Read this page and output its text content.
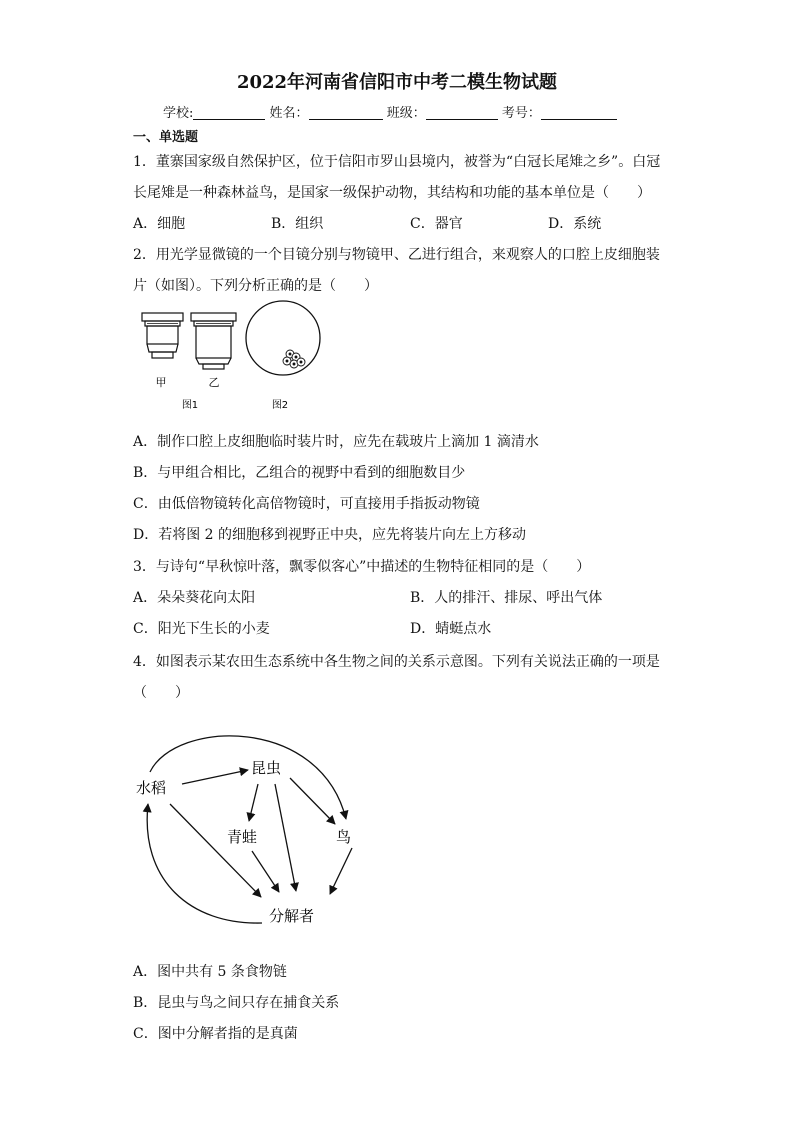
2022年河南省信阳市中考二模生物试题
学校:	姓名：	班级：	考号：
一、单选题
1．董寨国家级自然保护区，位于信阳市罗山县境内，被誉为“白冠长尾雉之乡”。白冠
长尾雉是一种森林益鸟，是国家一级保护动物，其结构和功能的基本单位是（　　）
A．细胞	B．组织	C．器官	D．系统
2．用光学显微镜的一个目镜分别与物镜甲、乙进行组合，来观察人的口腔上皮细胞装
片（如图）。下列分析正确的是（　　）
甲	乙
图1	图2
A．制作口腔上皮细胞临时装片时，应先在载玻片上滴加 1 滴清水
B．与甲组合相比，乙组合的视野中看到的细胞数目少
C．由低倍物镜转化高倍物镜时，可直接用手指扳动物镜
D．若将图 2 的细胞移到视野正中央，应先将装片向左上方移动
3．与诗句“早秋惊叶落，飘零似客心”中描述的生物特征相同的是（　　）
A．朵朵葵花向太阳	B．人的排汗、排尿、呼出气体
C．阳光下生长的小麦	D．蜻蜓点水
4．如图表示某农田生态系统中各生物之间的关系示意图。下列有关说法正确的一项是
（　　）
水稻
昆虫
青蛙	鸟
分解者
A．图中共有 5 条食物链
B．昆虫与鸟之间只存在捕食关系
C．图中分解者指的是真菌
